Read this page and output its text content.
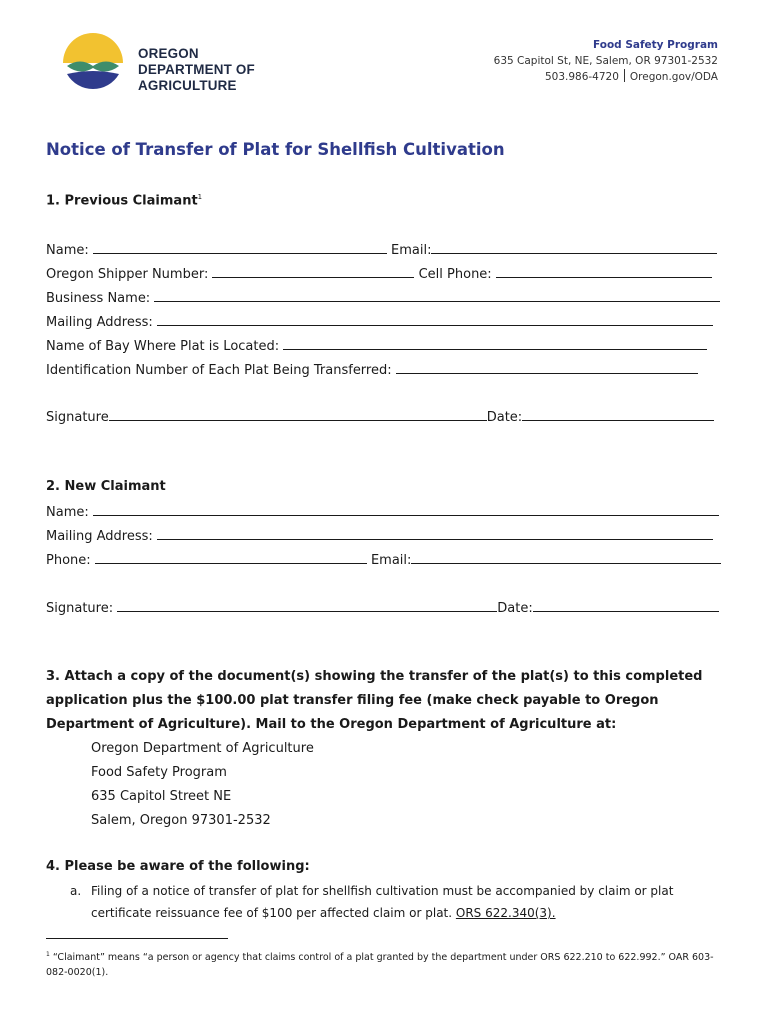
OREGON
DEPARTMENT OF
AGRICULTURE
Food Safety Program
635 Capitol St, NE, Salem, OR 97301-2532
503.986-4720 Oregon.gov/ODA
Notice of Transfer of Plat for Shellfish Cultivation
1. Previous Claimant$^1$
Name:	Email:
Oregon Shipper Number:	Cell Phone:
Business Name:
Mailing Address:
Name of Bay Where Plat is Located:
Identification Number of Each Plat Being Transferred:
Signature	Date:
2. New Claimant
Name:
Mailing Address:
Phone:	Email:
Signature:	Date:
3. Attach a copy of the document(s) showing the transfer of the plat(s) to this completed application plus the $100.00 plat transfer filing fee (make check payable to Oregon Department of Agriculture). Mail to the Oregon Department of Agriculture at:
Oregon Department of Agriculture
Food Safety Program
635 Capitol Street NE
Salem, Oregon 97301-2532
4. Please be aware of the following:
a. Filing of a notice of transfer of plat for shellfish cultivation must be accompanied by claim or plat certificate reissuance fee of $100 per affected claim or plat. ORS 622.340(3).
$^1$ “Claimant” means “a person or agency that claims control of a plat granted by the department under ORS 622.210 to 622.992.” OAR 603-082-0020(1).
